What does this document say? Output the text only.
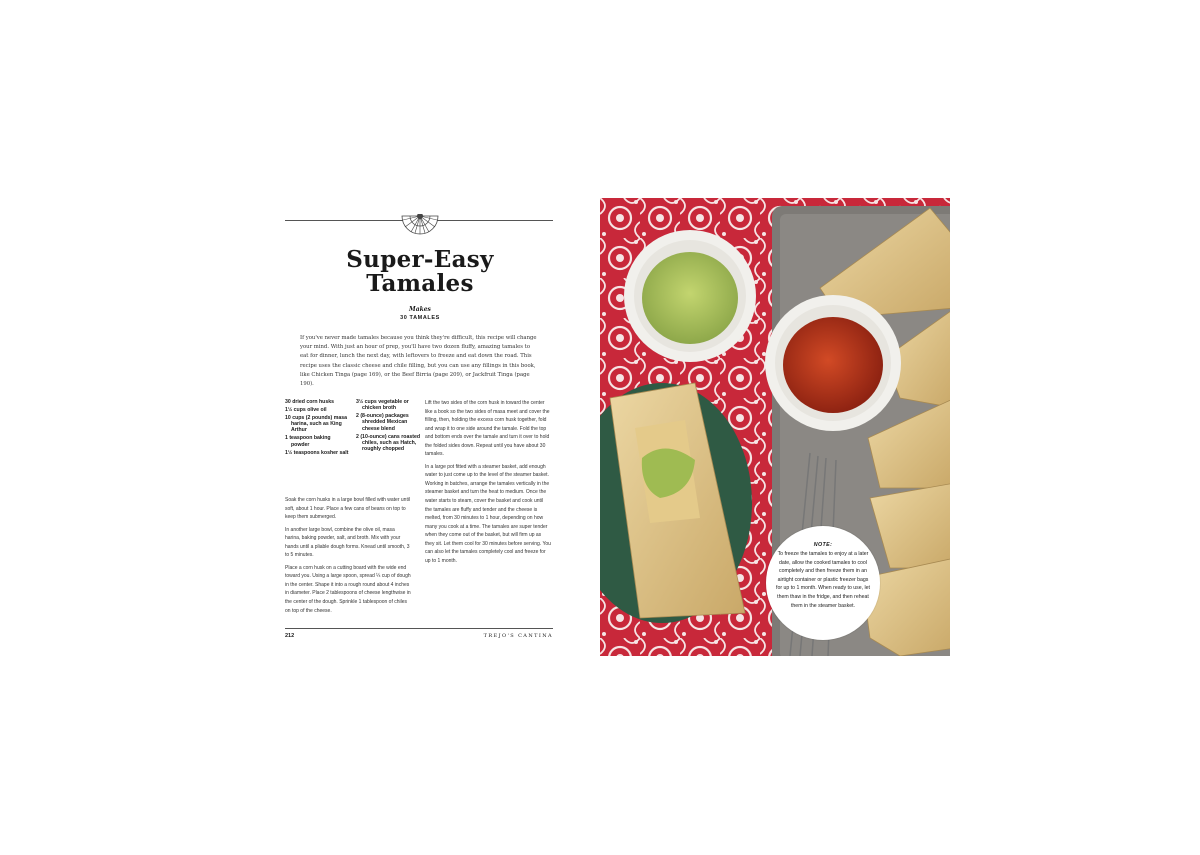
Super-Easy
Tamales
Makes
30 TAMALES
If you've never made tamales because you think they're difficult, this recipe will change your mind. With just an hour of prep, you'll have two dozen fluffy, amazing tamales to eat for dinner, lunch the next day, with leftovers to freeze and eat down the road. This recipe uses the classic cheese and chile filling, but you can use any fillings in this book, like Chicken Tinga (page 169), or the Beef Birria (page 209), or Jackfruit Tinga (page 190).
30 dried corn husks
1½ cups olive oil
10 cups (2 pounds) masa harina, such as King Arthur
1 teaspoon baking powder
1½ teaspoons kosher salt
3½ cups vegetable or chicken broth
2 (8-ounce) packages shredded Mexican cheese blend
2 (10-ounce) cans roasted chiles, such as Hatch, roughly chopped

Soak the corn husks in a large bowl filled with water until soft, about 1 hour. Place a few cans of beans on top to keep them submerged.

In another large bowl, combine the olive oil, masa harina, baking powder, salt, and broth. Mix with your hands until a pliable dough forms. Knead until smooth, 3 to 5 minutes.

Place a corn husk on a cutting board with the wide end toward you. Using a large spoon, spread ¼ cup of dough in the center. Shape it into a rough round about 4 inches in diameter. Place 2 tablespoons of cheese lengthwise in the center of the dough. Sprinkle 1 tablespoon of chiles on top of the cheese.

Lift the two sides of the corn husk in toward the center like a book so the two sides of masa meet and cover the filling, then, holding the excess corn husk together, fold and wrap it to one side around the tamale. Fold the top and bottom ends over the tamale and turn it over to hold the folded sides down. Repeat until you have about 30 tamales.

In a large pot fitted with a steamer basket, add enough water to just come up to the level of the steamer basket. Working in batches, arrange the tamales vertically in the steamer basket and turn the heat to medium. Once the water starts to steam, cover the basket and cook until the tamales are fluffy and tender and the cheese is melted, from 30 minutes to 1 hour, depending on how many you cook at a time. The tamales are super tender when they come out of the basket, but will firm up as they sit. Let them cool for 30 minutes before serving. You can also let the tamales completely cool and freeze for up to 1 month.

212	TREJO'S CANTINA
NOTE:
To freeze the tamales to enjoy at a later date, allow the cooked tamales to cool completely and then freeze them in an airtight container or plastic freezer bags for up to 1 month. When ready to use, let them thaw in the fridge, and then reheat them in the steamer basket.
